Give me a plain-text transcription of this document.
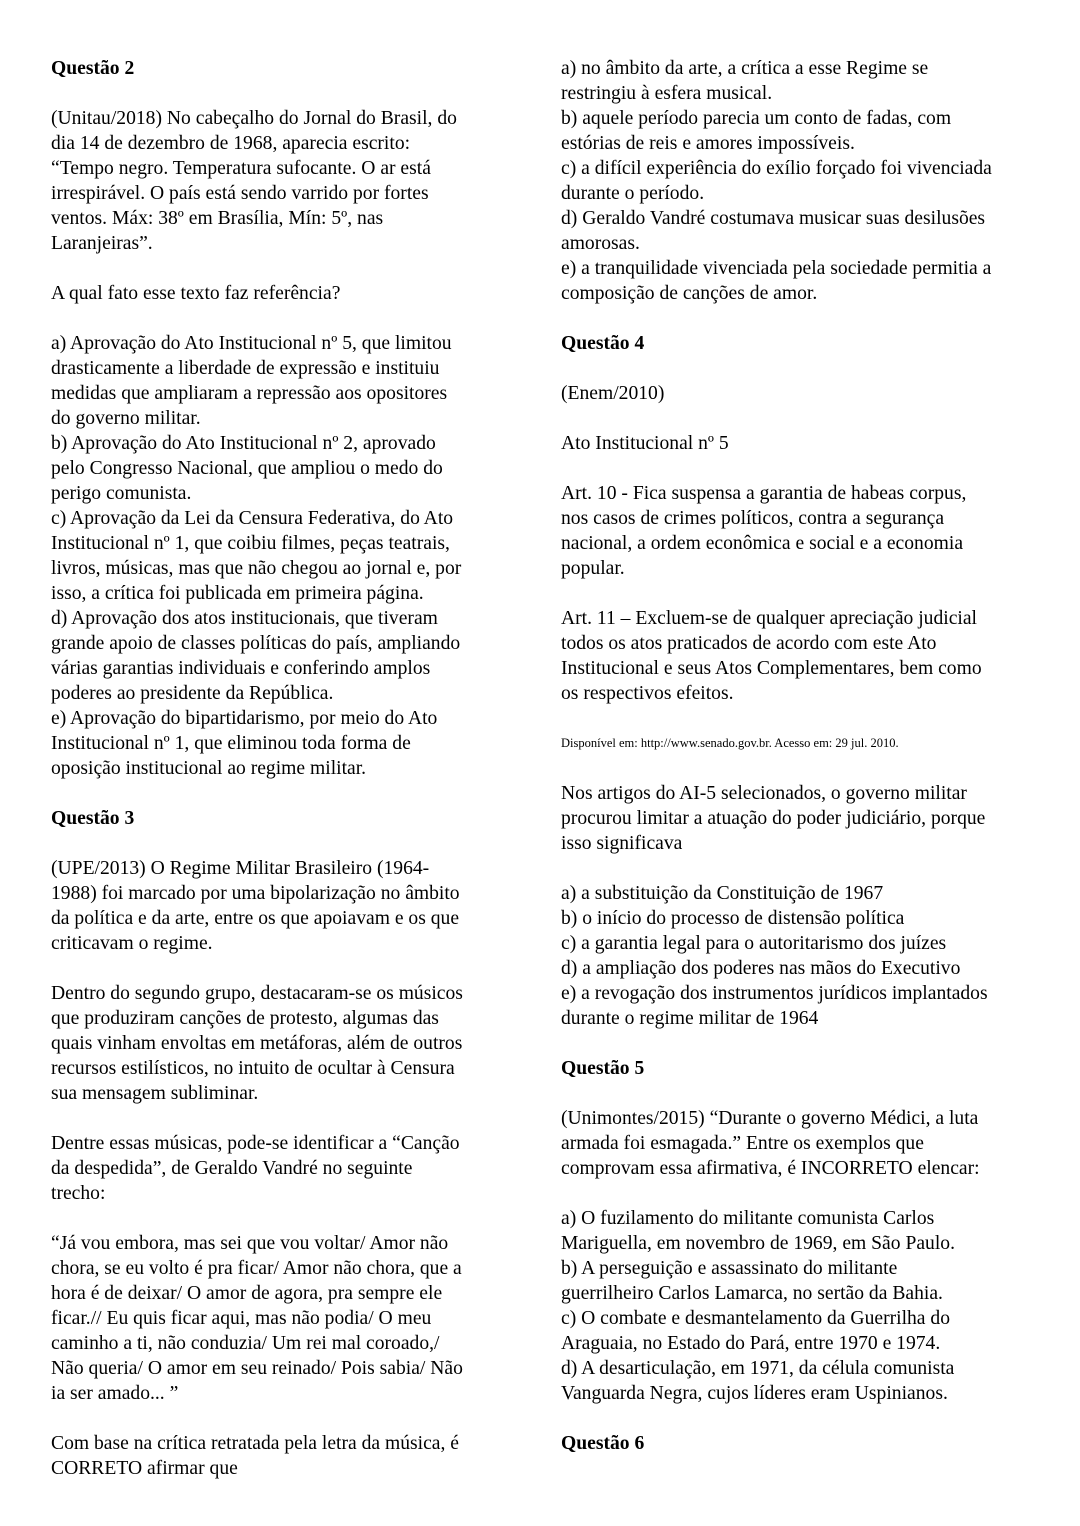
Questão 2
(Unitau/2018) No cabeçalho do Jornal do Brasil, do
dia 14 de dezembro de 1968, aparecia escrito:
“Tempo negro. Temperatura sufocante. O ar está
irrespirável. O país está sendo varrido por fortes
ventos. Máx: 38º em Brasília, Mín: 5º, nas
Laranjeiras”.
A qual fato esse texto faz referência?
a) Aprovação do Ato Institucional nº 5, que limitou
drasticamente a liberdade de expressão e instituiu
medidas que ampliaram a repressão aos opositores
do governo militar.
b) Aprovação do Ato Institucional nº 2, aprovado
pelo Congresso Nacional, que ampliou o medo do
perigo comunista.
c) Aprovação da Lei da Censura Federativa, do Ato
Institucional nº 1, que coibiu filmes, peças teatrais,
livros, músicas, mas que não chegou ao jornal e, por
isso, a crítica foi publicada em primeira página.
d) Aprovação dos atos institucionais, que tiveram
grande apoio de classes políticas do país, ampliando
várias garantias individuais e conferindo amplos
poderes ao presidente da República.
e) Aprovação do bipartidarismo, por meio do Ato
Institucional nº 1, que eliminou toda forma de
oposição institucional ao regime militar.
Questão 3
(UPE/2013) O Regime Militar Brasileiro (1964-
1988) foi marcado por uma bipolarização no âmbito
da política e da arte, entre os que apoiavam e os que
criticavam o regime.
Dentro do segundo grupo, destacaram-se os músicos
que produziram canções de protesto, algumas das
quais vinham envoltas em metáforas, além de outros
recursos estilísticos, no intuito de ocultar à Censura
sua mensagem subliminar.
Dentre essas músicas, pode-se identificar a “Canção
da despedida”, de Geraldo Vandré no seguinte
trecho:
“Já vou embora, mas sei que vou voltar/ Amor não
chora, se eu volto é pra ficar/ Amor não chora, que a
hora é de deixar/ O amor de agora, pra sempre ele
ficar.// Eu quis ficar aqui, mas não podia/ O meu
caminho a ti, não conduzia/ Um rei mal coroado,/
Não queria/ O amor em seu reinado/ Pois sabia/ Não
ia ser amado... ”
Com base na crítica retratada pela letra da música, é
CORRETO afirmar que
a) no âmbito da arte, a crítica a esse Regime se
restringiu à esfera musical.
b) aquele período parecia um conto de fadas, com
estórias de reis e amores impossíveis.
c) a difícil experiência do exílio forçado foi vivenciada
durante o período.
d) Geraldo Vandré costumava musicar suas desilusões
amorosas.
e) a tranquilidade vivenciada pela sociedade permitia a
composição de canções de amor.
Questão 4
(Enem/2010)
Ato Institucional nº 5
Art. 10 - Fica suspensa a garantia de habeas corpus,
nos casos de crimes políticos, contra a segurança
nacional, a ordem econômica e social e a economia
popular.
Art. 11 – Excluem-se de qualquer apreciação judicial
todos os atos praticados de acordo com este Ato
Institucional e seus Atos Complementares, bem como
os respectivos efeitos.
Disponível em: http://www.senado.gov.br. Acesso em: 29 jul. 2010.
Nos artigos do AI-5 selecionados, o governo militar
procurou limitar a atuação do poder judiciário, porque
isso significava
a) a substituição da Constituição de 1967
b) o início do processo de distensão política
c) a garantia legal para o autoritarismo dos juízes
d) a ampliação dos poderes nas mãos do Executivo
e) a revogação dos instrumentos jurídicos implantados
durante o regime militar de 1964
Questão 5
(Unimontes/2015) “Durante o governo Médici, a luta
armada foi esmagada.” Entre os exemplos que
comprovam essa afirmativa, é INCORRETO elencar:
a) O fuzilamento do militante comunista Carlos
Mariguella, em novembro de 1969, em São Paulo.
b) A perseguição e assassinato do militante
guerrilheiro Carlos Lamarca, no sertão da Bahia.
c) O combate e desmantelamento da Guerrilha do
Araguaia, no Estado do Pará, entre 1970 e 1974.
d) A desarticulação, em 1971, da célula comunista
Vanguarda Negra, cujos líderes eram Uspinianos.
Questão 6
